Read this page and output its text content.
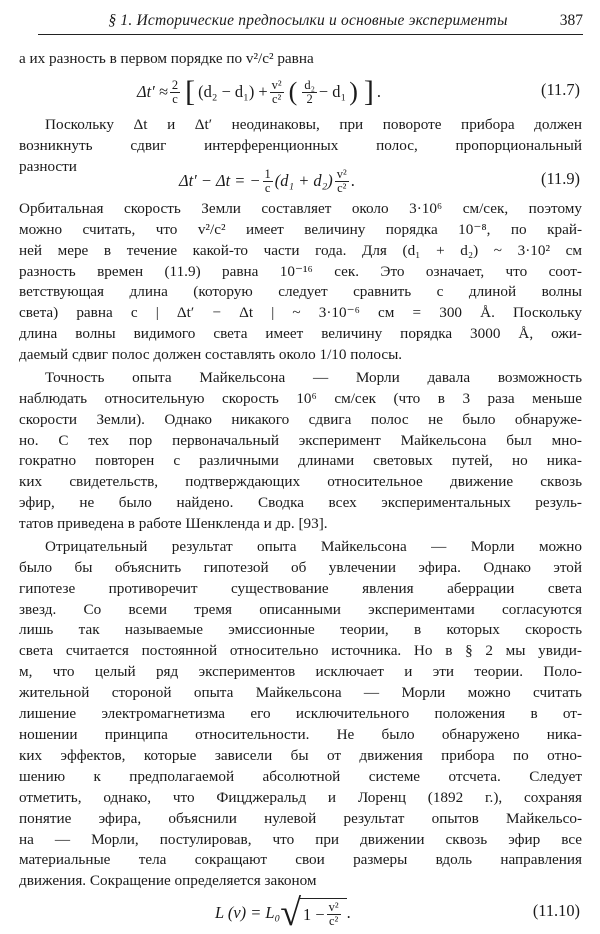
§ 1. Исторические предпосылки и основные эксперименты	387
а их разность в первом порядке по v²/c² равна
$\Delta t' \approx \frac{2}{c}$ [ $(d_2 - d_1) + \frac{\text{v²}}{\text{c²}}$ ( $\frac{\text{d₂}}{2} - d_1$ ) ] .	(11.7)
Поскольку Δt и Δt′ неодинаковы, при повороте прибора должен
возникнуть сдвиг интерференционных полос, пропорциональный
разности
Δt′ − Δt = − $\frac{1}{c} (d_1 + d_2) \frac{\text{v²}}{\text{c²}}$ .	(11.9)
Орбитальная скорость Земли составляет около 3·10⁶ см/сек, поэтому
можно считать, что v²/c² имеет величину порядка 10⁻⁸, по край-
ней мере в течение какой-то части года. Для (d₁ + d₂) ~ 3·10² см
разность времен (11.9) равна 10⁻¹⁶ сек. Это означает, что соот-
ветствующая длина (которую следует сравнить с длиной волны
света) равна c | Δt′ − Δt | ~ 3·10⁻⁶ см = 300 Å. Поскольку
длина волны видимого света имеет величину порядка 3000 Å, ожи-
даемый сдвиг полос должен составлять около 1/10 полосы.
Точность опыта Майкельсона — Морли давала возможность
наблюдать относительную скорость 10⁶ см/сек (что в 3 раза меньше
скорости Земли). Однако никакого сдвига полос не было обнаруже-
но. С тех пор первоначальный эксперимент Майкельсона был мно-
гократно повторен с различными длинами световых путей, но ника-
ких свидетельств, подтверждающих относительное движение сквозь
эфир, не было найдено. Сводка всех экспериментальных резуль-
татов приведена в работе Шенкленда и др. [93].
Отрицательный результат опыта Майкельсона — Морли можно
было бы объяснить гипотезой об увлечении эфира. Однако этой
гипотезе противоречит существование явления аберрации света
звезд. Со всеми тремя описанными экспериментами согласуются
лишь так называемые эмиссионные теории, в которых скорость
света считается постоянной относительно источника. Но в § 2 мы увиди-
м, что целый ряд экспериментов исключает и эти теории. Поло-
жительной стороной опыта Майкельсона — Морли можно считать
лишение электромагнетизма его исключительного положения в от-
ношении принципа относительности. Не было обнаружено ника-
ких эффектов, которые зависели бы от движения прибора по отно-
шению к предполагаемой абсолютной системе отсчета. Следует
отметить, однако, что Фицджеральд и Лоренц (1892 г.), сохраняя
понятие эфира, объяснили нулевой результат опытов Майкельсо-
на — Морли, постулировав, что при движении сквозь эфир все
материальные тела сокращают свои размеры вдоль направления
движения. Сокращение определяется законом
L (v) = L₀ √ $1 - \frac{\text{v²}}{\text{c²}}$ .	(11.10)
